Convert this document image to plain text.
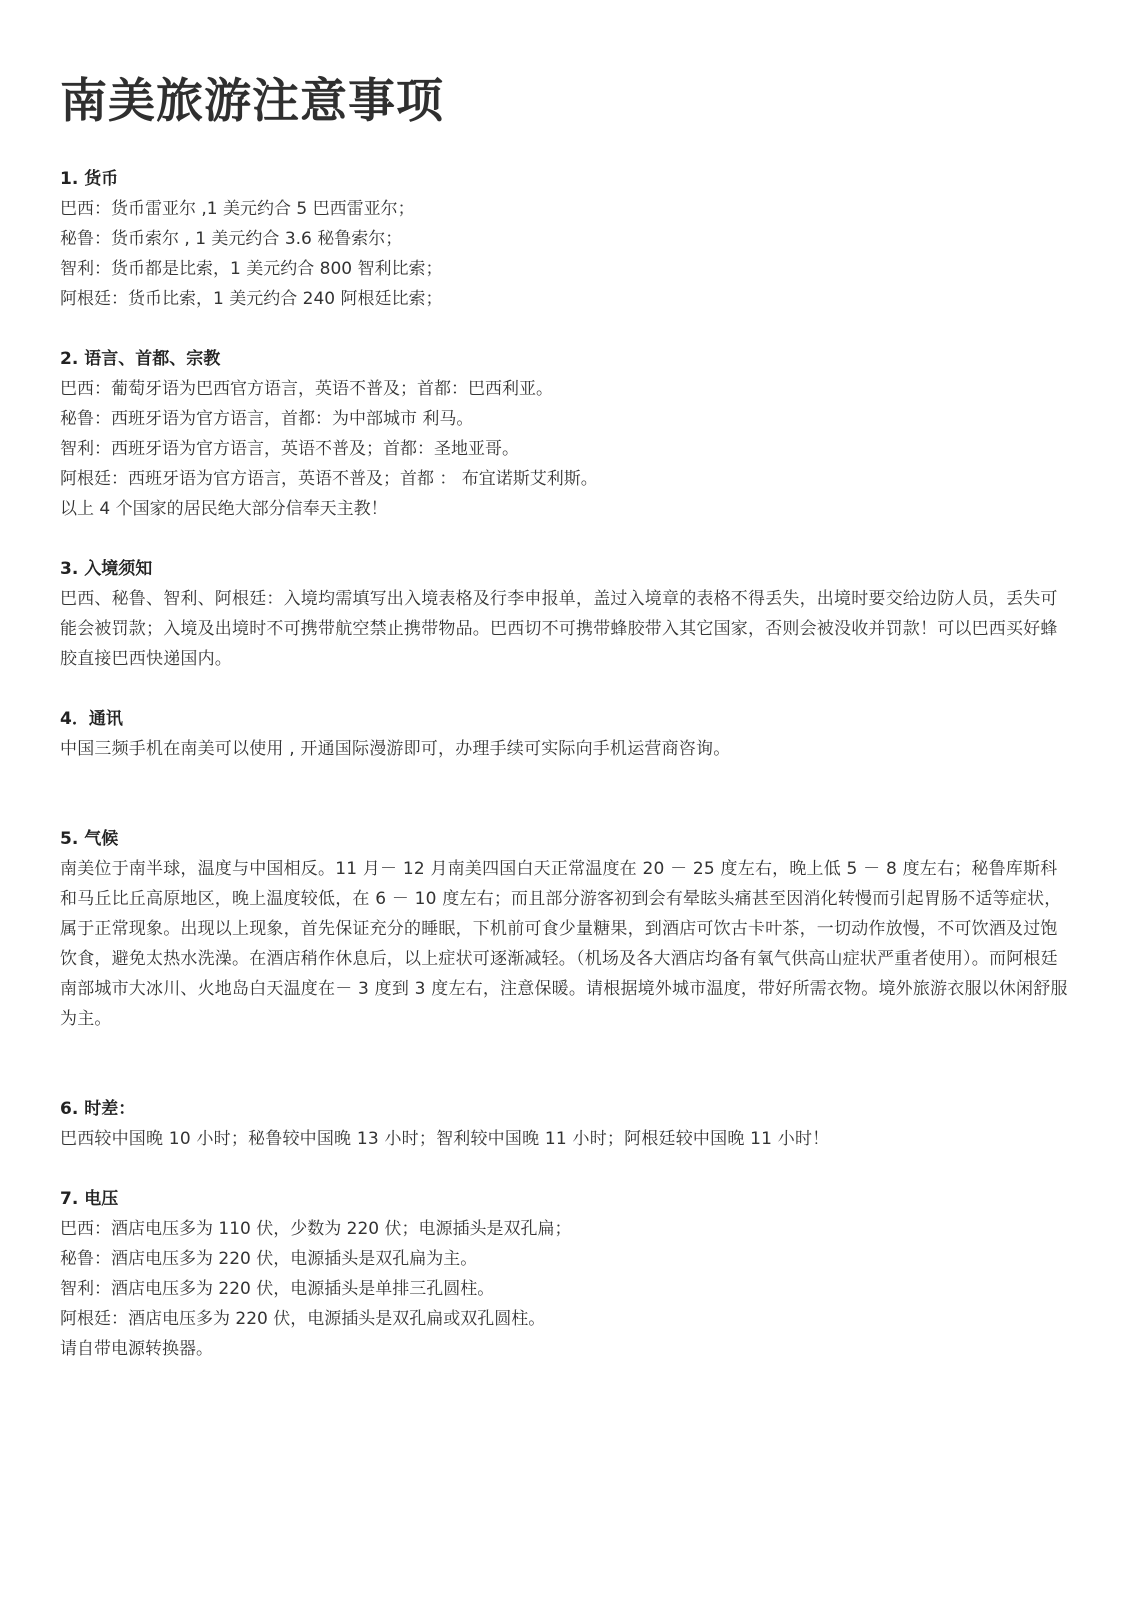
南美旅游注意事项
1. 货币
巴西：货币雷亚尔 ,1 美元约合 5 巴西雷亚尔；
秘鲁：货币索尔 , 1 美元约合 3.6 秘鲁索尔；
智利：货币都是比索，1 美元约合 800 智利比索；
阿根廷：货币比索，1 美元约合 240 阿根廷比索；
2. 语言、首都、宗教
巴西：葡萄牙语为巴西官方语言，英语不普及；首都：巴西利亚。
秘鲁：西班牙语为官方语言，首都：为中部城市 利马。
智利：西班牙语为官方语言，英语不普及；首都：圣地亚哥。
阿根廷：西班牙语为官方语言，英语不普及；首都 ： 布宜诺斯艾利斯。
以上 4 个国家的居民绝大部分信奉天主教！
3. 入境须知

巴西、秘鲁、智利、阿根廷：入境均需填写出入境表格及行李申报单，盖过入境章的表格不得丢失，出境时要交给边防人员，丢失可能会被罚款；入境及出境时不可携带航空禁止携带物品。巴西切不可携带蜂胶带入其它国家，否则会被没收并罚款！可以巴西买好蜂胶直接巴西快递国内。

4．通讯

中国三频手机在南美可以使用 , 开通国际漫游即可，办理手续可实际向手机运营商咨询。

5. 气候

南美位于南半球，温度与中国相反。11 月－ 12 月南美四国白天正常温度在 20 － 25 度左右，晚上低 5 － 8 度左右；秘鲁库斯科和马丘比丘高原地区，晚上温度较低，在 6 － 10 度左右；而且部分游客初到会有晕眩头痛甚至因消化转慢而引起胃肠不适等症状，属于正常现象。出现以上现象，首先保证充分的睡眠，下机前可食少量糖果，到酒店可饮古卡叶茶，一切动作放慢，不可饮酒及过饱饮食，避免太热水洗澡。在酒店稍作休息后，以上症状可逐渐减轻。（机场及各大酒店均备有氧气供高山症状严重者使用）。而阿根廷南部城市大冰川、火地岛白天温度在－ 3 度到 3 度左右，注意保暖。请根据境外城市温度，带好所需衣物。境外旅游衣服以休闲舒服为主。

6. 时差：

巴西较中国晚 10 小时；秘鲁较中国晚 13 小时；智利较中国晚 11 小时；阿根廷较中国晚 11 小时！

7. 电压
巴西：酒店电压多为 110 伏，少数为 220 伏；电源插头是双孔扁；
秘鲁：酒店电压多为 220 伏，电源插头是双孔扁为主。
智利：酒店电压多为 220 伏，电源插头是单排三孔圆柱。
阿根廷：酒店电压多为 220 伏，电源插头是双孔扁或双孔圆柱。
请自带电源转换器。
